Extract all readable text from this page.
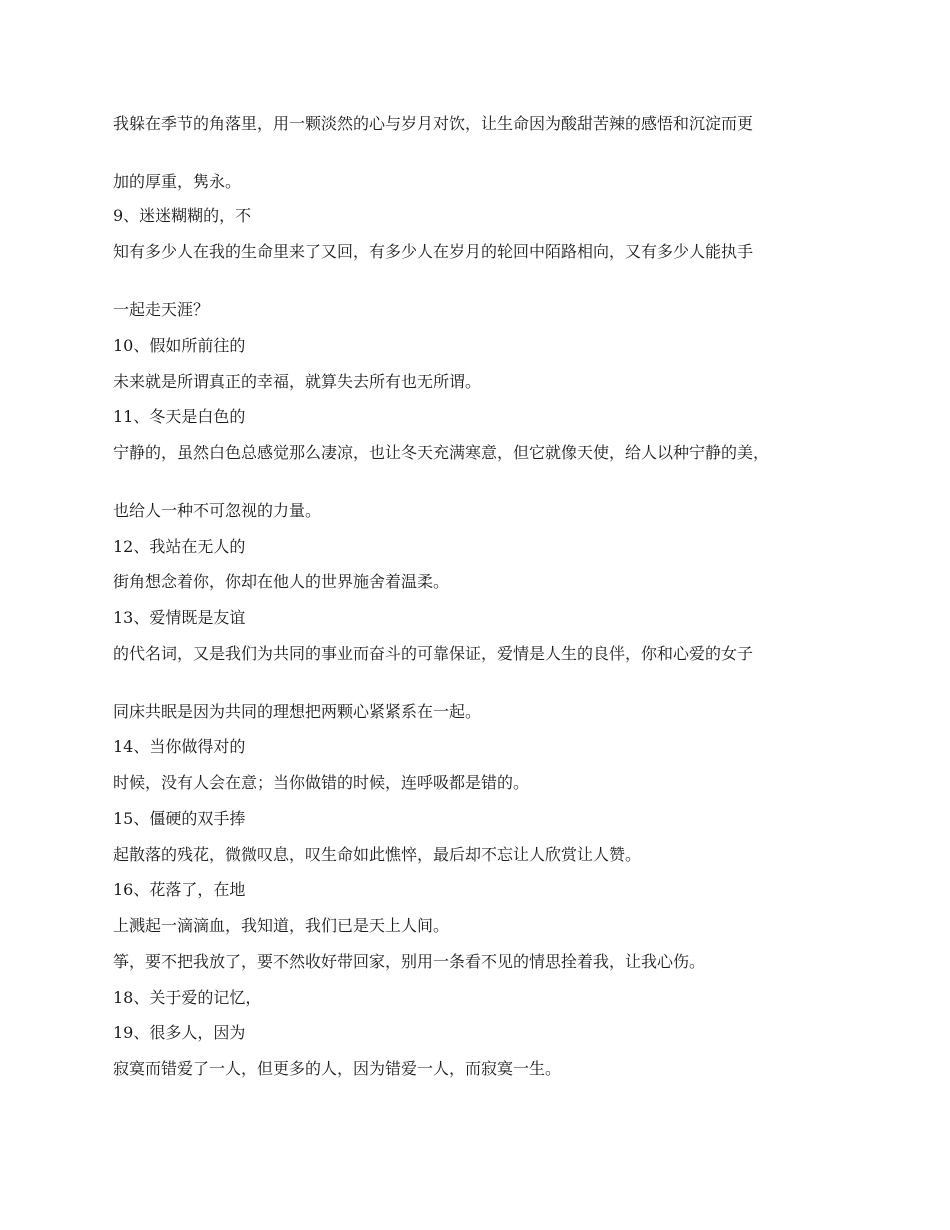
我躲在季节的角落里，用一颗淡然的心与岁月对饮，让生命因为酸甜苦辣的感悟和沉淀而更

加的厚重，隽永。

9、迷迷糊糊的，不

知有多少人在我的生命里来了又回，有多少人在岁月的轮回中陌路相向，又有多少人能执手

一起走天涯？

10、假如所前往的

未来就是所谓真正的幸福，就算失去所有也无所谓。

11、冬天是白色的

宁静的，虽然白色总感觉那么凄凉，也让冬天充满寒意，但它就像天使，给人以种宁静的美，

也给人一种不可忽视的力量。

12、我站在无人的

街角想念着你，你却在他人的世界施舍着温柔。

13、爱情既是友谊

的代名词，又是我们为共同的事业而奋斗的可靠保证，爱情是人生的良伴，你和心爱的女子

同床共眠是因为共同的理想把两颗心紧紧系在一起。

14、当你做得对的

时候，没有人会在意；当你做错的时候，连呼吸都是错的。

15、僵硬的双手捧

起散落的残花，微微叹息，叹生命如此憔悴，最后却不忘让人欣赏让人赞。

16、花落了，在地

上溅起一滴滴血，我知道，我们已是天上人间。

筝，要不把我放了，要不然收好带回家，别用一条看不见的情思拴着我，让我心伤。

18、关于爱的记忆，

19、很多人，因为

寂寞而错爱了一人，但更多的人，因为错爱一人，而寂寞一生。
